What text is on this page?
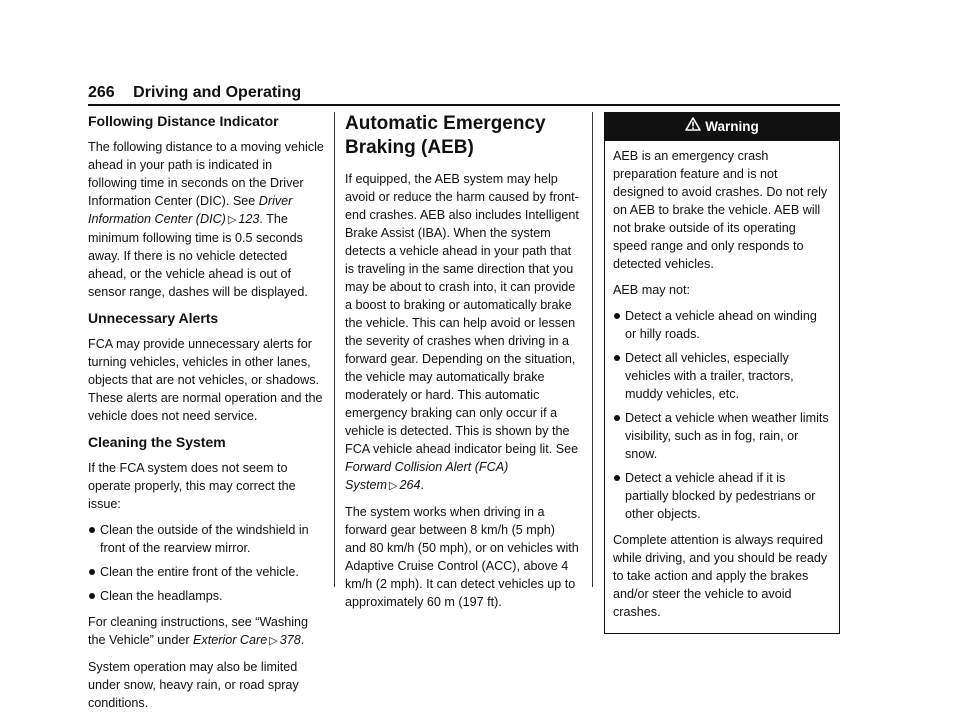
266 Driving and Operating
Following Distance Indicator

The following distance to a moving vehicle ahead in your path is indicated in following time in seconds on the Driver Information Center (DIC). See Driver Information Center (DIC) ▷ 123. The minimum following time is 0.5 seconds away. If there is no vehicle detected ahead, or the vehicle ahead is out of sensor range, dashes will be displayed.

Unnecessary Alerts

FCA may provide unnecessary alerts for turning vehicles, vehicles in other lanes, objects that are not vehicles, or shadows. These alerts are normal operation and the vehicle does not need service.

Cleaning the System

If the FCA system does not seem to operate properly, this may correct the issue:

Clean the outside of the windshield in front of the rearview mirror.
Clean the entire front of the vehicle.
Clean the headlamps.

For cleaning instructions, see “Washing the Vehicle” under Exterior Care ▷ 378.

System operation may also be limited under snow, heavy rain, or road spray conditions.

Automatic Emergency
Braking (AEB)

If equipped, the AEB system may help avoid or reduce the harm caused by front-end crashes. AEB also includes Intelligent Brake Assist (IBA). When the system detects a vehicle ahead in your path that is traveling in the same direction that you may be about to crash into, it can provide a boost to braking or automatically brake the vehicle. This can help avoid or lessen the severity of crashes when driving in a forward gear. Depending on the situation, the vehicle may automatically brake moderately or hard. This automatic emergency braking can only occur if a vehicle is detected. This is shown by the FCA vehicle ahead indicator being lit. See Forward Collision Alert (FCA) System ▷ 264.

The system works when driving in a forward gear between 8 km/h (5 mph) and 80 km/h (50 mph), or on vehicles with Adaptive Cruise Control (ACC), above 4 km/h (2 mph). It can detect vehicles up to approximately 60 m (197 ft).

Warning

AEB is an emergency crash preparation feature and is not designed to avoid crashes. Do not rely on AEB to brake the vehicle. AEB will not brake outside of its operating speed range and only responds to detected vehicles.

AEB may not:

Detect a vehicle ahead on winding or hilly roads.
Detect all vehicles, especially vehicles with a trailer, tractors, muddy vehicles, etc.
Detect a vehicle when weather limits visibility, such as in fog, rain, or snow.
Detect a vehicle ahead if it is partially blocked by pedestrians or other objects.

Complete attention is always required while driving, and you should be ready to take action and apply the brakes and/or steer the vehicle to avoid crashes.
